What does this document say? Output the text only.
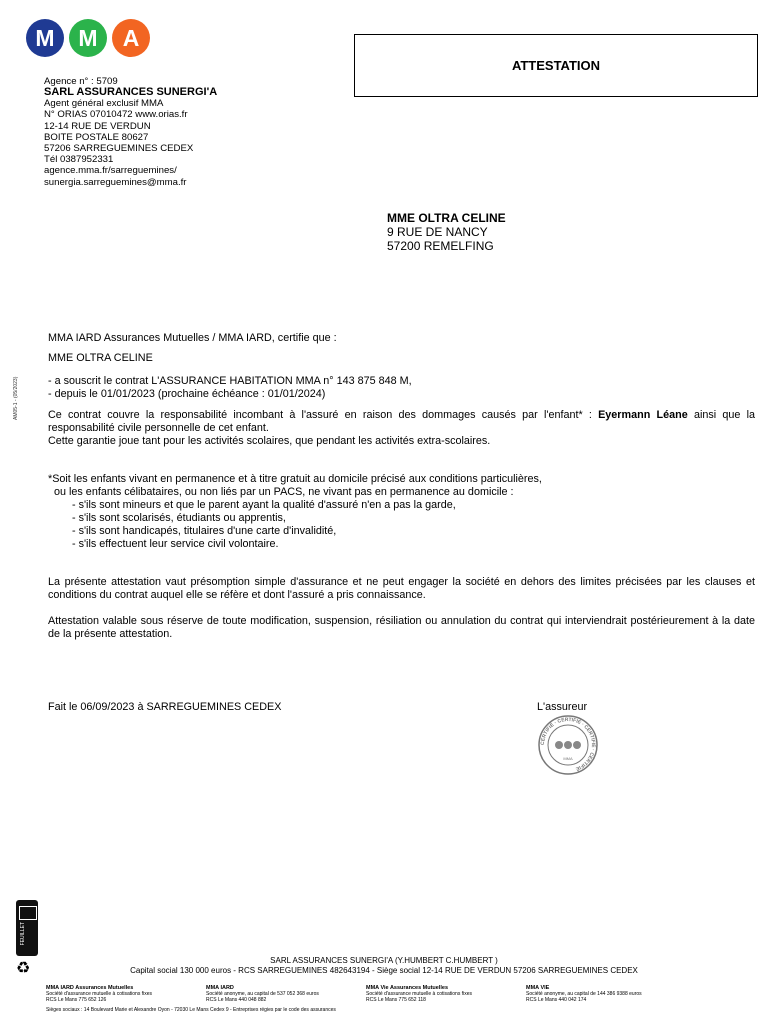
M	M	A
ATTESTATION
Agence n° : 5709
SARL ASSURANCES SUNERGI'A
Agent général exclusif MMA
N° ORIAS 07010472 www.orias.fr
12-14 RUE DE VERDUN
BOITE POSTALE 80627
57206 SARREGUEMINES CEDEX
Tél 0387952331
agence.mma.fr/sarreguemines/
sunergia.sarreguemines@mma.fr
MME OLTRA CELINE
9 RUE DE NANCY
57200 REMELFING
AM05-1 - (05/2023)
MMA IARD Assurances Mutuelles / MMA IARD, certifie que :
MME OLTRA CELINE
- a souscrit le contrat L'ASSURANCE HABITATION MMA n° 143 875 848 M,
- depuis le 01/01/2023 (prochaine échéance : 01/01/2024)

Ce contrat couvre la responsabilité incombant à l'assuré en raison des dommages causés par l'enfant* : Eyermann Léane ainsi que la responsabilité civile personnelle de cet enfant.

Cette garantie joue tant pour les activités scolaires, que pendant les activités extra-scolaires.

*Soit les enfants vivant en permanence et à titre gratuit au domicile précisé aux conditions particulières,
ou les enfants célibataires, ou non liés par un PACS, ne vivant pas en permanence au domicile :
- s'ils sont mineurs et que le parent ayant la qualité d'assuré n'en a pas la garde,
- s'ils sont scolarisés, étudiants ou apprentis,
- s'ils sont handicapés, titulaires d'une carte d'invalidité,
- s'ils effectuent leur service civil volontaire.
La présente attestation vaut présomption simple d'assurance et ne peut engager la société en dehors des limites précisées par les clauses et conditions du contrat auquel elle se réfère et dont l'assuré a pris connaissance.
Attestation valable sous réserve de toute modification, suspension, résiliation ou annulation du contrat qui interviendrait postérieurement à la date de la présente attestation.
Fait le 06/09/2023 à SARREGUEMINES CEDEX	L'assureur
CERTIFIÉ · CERTIFIÉ · CERTIFIÉ · CERTIFIÉ
MMA
FEUILLET
♻	SARL ASSURANCES SUNERGI'A (Y.HUMBERT C.HUMBERT )
Capital social 130 000 euros - RCS SARREGUEMINES 482643194 - Siège social 12-14 RUE DE VERDUN 57206 SARREGUEMINES CEDEX
MMA IARD Assurances Mutuelles
Société d'assurance mutuelle à cotisations fixes
RCS Le Mans 775 652 126
MMA IARD
Société anonyme, au capital de 537 052 368 euros
RCS Le Mans 440 048 882
MMA Vie Assurances Mutuelles
Société d'assurance mutuelle à cotisations fixes
RCS Le Mans 775 652 118
MMA VIE
Société anonyme, au capital de 144 386 9388 euros
RCS Le Mans 440 042 174
Sièges sociaux : 14 Boulevard Marie et Alexandre Oyon - 72030 Le Mans Cedex 9 - Entreprises régies par le code des assurances
